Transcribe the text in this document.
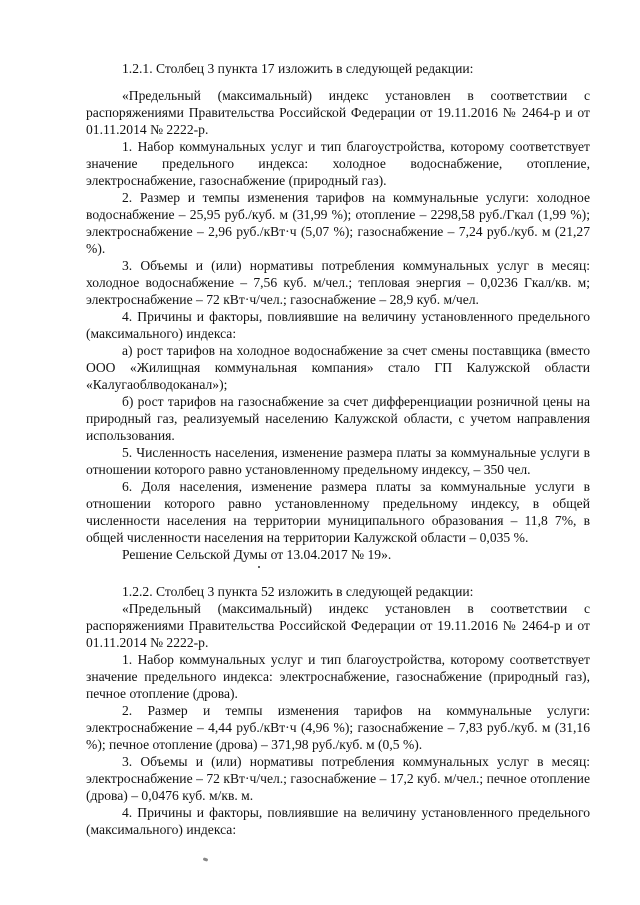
1.2.1. Столбец 3 пункта 17 изложить в следующей редакции:

«Предельный (максимальный) индекс установлен в соответствии с распоряжениями Правительства Российской Федерации от 19.11.2016 № 2464-р и от 01.11.2014 № 2222-р.

1. Набор коммунальных услуг и тип благоустройства, которому соответствует значение предельного индекса: холодное водоснабжение, отопление, электроснабжение, газоснабжение (природный газ).

2. Размер и темпы изменения тарифов на коммунальные услуги: холодное водоснабжение – 25,95 руб./куб. м (31,99 %); отопление – 2298,58 руб./Гкал (1,99 %); электроснабжение – 2,96 руб./кВт·ч (5,07 %); газоснабжение – 7,24 руб./куб. м (21,27 %).

3. Объемы и (или) нормативы потребления коммунальных услуг в месяц: холодное водоснабжение – 7,56 куб. м/чел.; тепловая энергия – 0,0236 Гкал/кв. м; электроснабжение – 72 кВт·ч/чел.; газоснабжение – 28,9 куб. м/чел.

4. Причины и факторы, повлиявшие на величину установленного предельного (максимального) индекса:

а) рост тарифов на холодное водоснабжение за счет смены поставщика (вместо ООО «Жилищная коммунальная компания» стало ГП Калужской области «Калугаоблводоканал»);

б) рост тарифов на газоснабжение за счет дифференциации розничной цены на природный газ, реализуемый населению Калужской области, с учетом направления использования.

5. Численность населения, изменение размера платы за коммунальные услуги в отношении которого равно установленному предельному индексу, – 350 чел.

6. Доля населения, изменение размера платы за коммунальные услуги в отношении которого равно установленному предельному индексу, в общей численности населения на территории муниципального образования – 11,8 7%, в общей численности населения на территории Калужской области – 0,035 %.

Решение Сельской Думы от 13.04.2017 № 19».

1.2.2. Столбец 3 пункта 52 изложить в следующей редакции:

«Предельный (максимальный) индекс установлен в соответствии с распоряжениями Правительства Российской Федерации от 19.11.2016 № 2464-р и от 01.11.2014 № 2222-р.

1. Набор коммунальных услуг и тип благоустройства, которому соответствует значение предельного индекса: электроснабжение, газоснабжение (природный газ), печное отопление (дрова).

2. Размер и темпы изменения тарифов на коммунальные услуги: электроснабжение – 4,44 руб./кВт·ч (4,96 %); газоснабжение – 7,83 руб./куб. м (31,16 %); печное отопление (дрова) – 371,98 руб./куб. м (0,5 %).

3. Объемы и (или) нормативы потребления коммунальных услуг в месяц: электроснабжение – 72 кВт·ч/чел.; газоснабжение – 17,2 куб. м/чел.; печное отопление (дрова) – 0,0476 куб. м/кв. м.

4. Причины и факторы, повлиявшие на величину установленного предельного (максимального) индекса:
